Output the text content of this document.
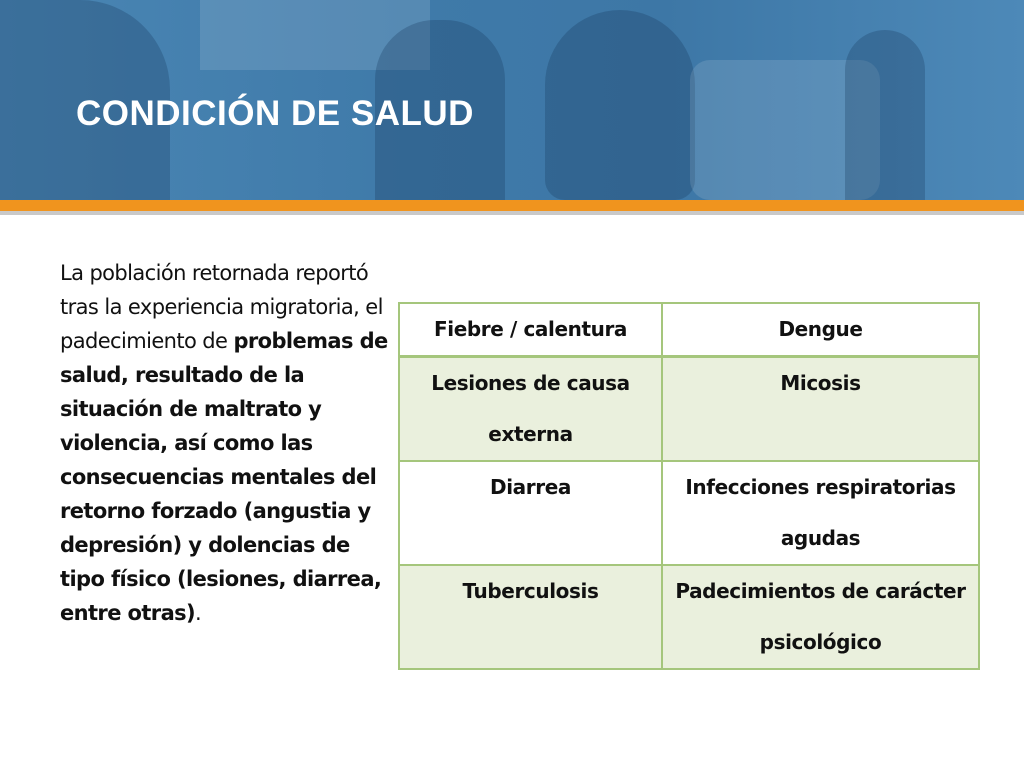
CONDICIÓN DE SALUD

La población retornada reportó tras la experiencia migratoria, el padecimiento de problemas de salud, resultado de la situación de maltrato y violencia, así como las consecuencias mentales del retorno forzado (angustia y depresión) y dolencias de tipo físico (lesiones, diarrea, entre otras).

Fiebre / calentura	Dengue
Lesiones de causa externa	Micosis
Diarrea	Infecciones respiratorias agudas
Tuberculosis	Padecimientos de carácter psicológico
